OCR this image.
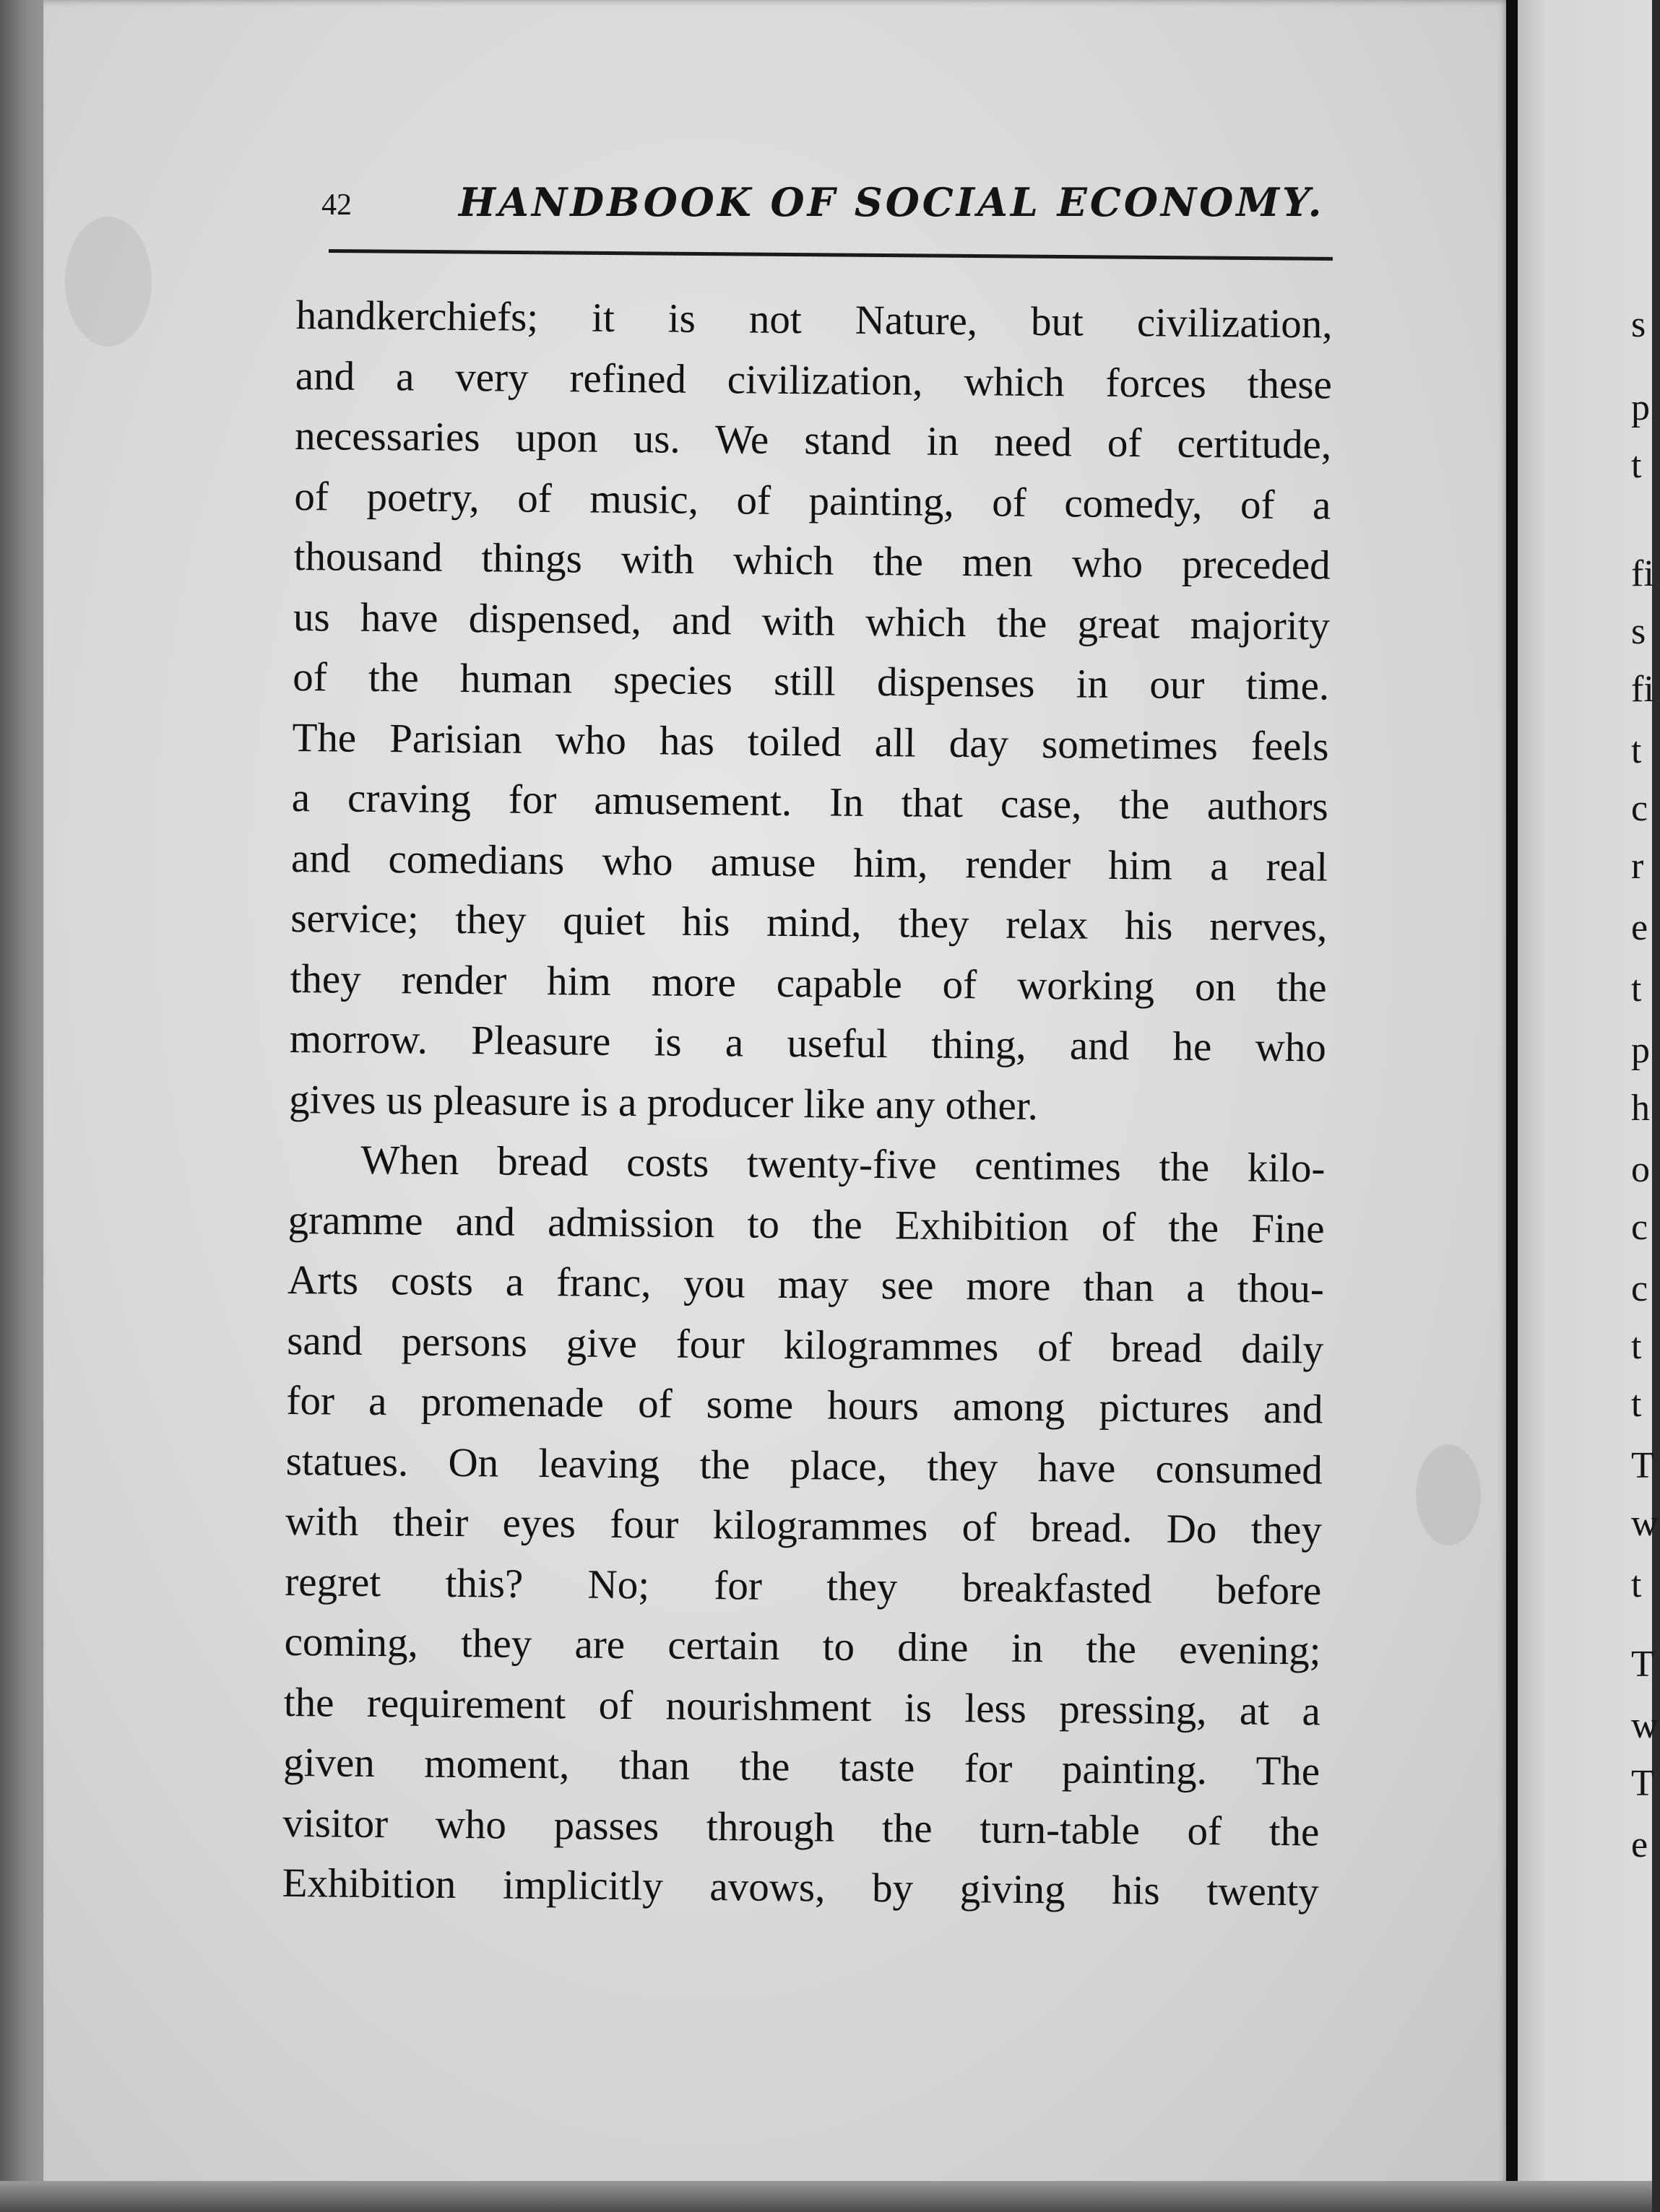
42	HANDBOOK OF SOCIAL ECONOMY.
handkerchiefs; it is not Nature, but civilization,
and a very refined civilization, which forces these
necessaries upon us. We stand in need of certitude,
of poetry, of music, of painting, of comedy, of a
thousand things with which the men who preceded
us have dispensed, and with which the great majority
of the human species still dispenses in our time.
The Parisian who has toiled all day sometimes feels
a craving for amusement. In that case, the authors
and comedians who amuse him, render him a real
service; they quiet his mind, they relax his nerves,
they render him more capable of working on the
morrow. Pleasure is a useful thing, and he who
gives us pleasure is a producer like any other.
When bread costs twenty-five centimes the kilo-
gramme and admission to the Exhibition of the Fine
Arts costs a franc, you may see more than a thou-
sand persons give four kilogrammes of bread daily
for a promenade of some hours among pictures and
statues. On leaving the place, they have consumed
with their eyes four kilogrammes of bread. Do they
regret this? No; for they breakfasted before
coming, they are certain to dine in the evening;
the requirement of nourishment is less pressing, at a
given moment, than the taste for painting. The
visitor who passes through the turn-table of the
Exhibition implicitly avows, by giving his twenty
s
p
t
fi
s
fi
t
c
r
e
t
p
h
o
c
c
t
t
T
w
t
T
w
T
e
